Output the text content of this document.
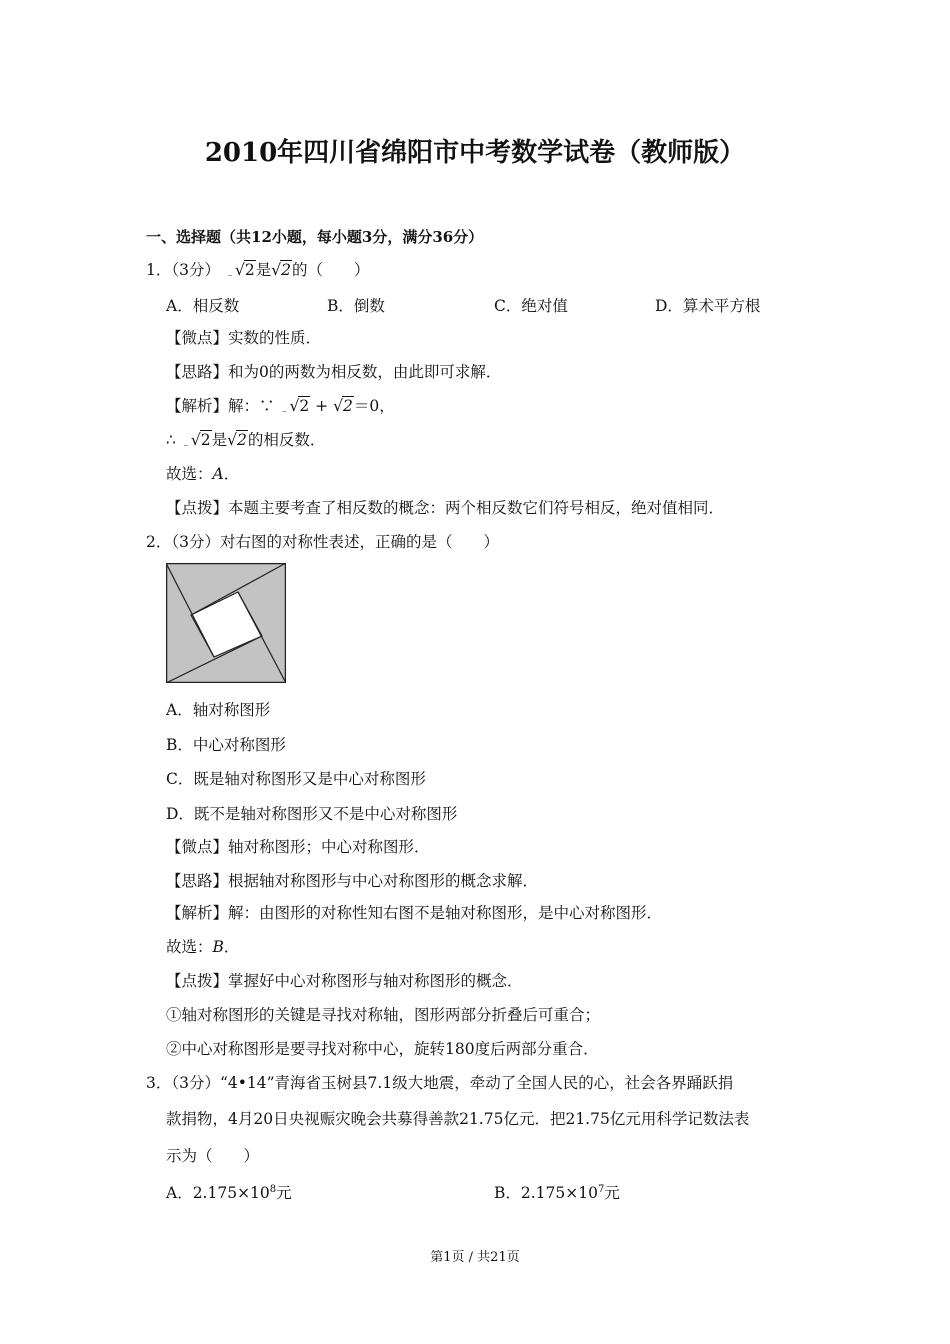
2010年四川省绵阳市中考数学试卷（教师版）
一、选择题（共12小题，每小题3分，满分36分）
1．（3分） ﹣√2是√2的（　　）
A．相反数	B．倒数	C．绝对值	D．算术平方根
【微点】实数的性质．
【思路】和为0的两数为相反数，由此即可求解．
【解析】解：∵ ﹣√2 + √2＝0，
∴ ﹣√2是√2的相反数．
故选：A．
【点拨】本题主要考查了相反数的概念：两个相反数它们符号相反，绝对值相同．
2．（3分）对右图的对称性表述，正确的是（　　）
A．轴对称图形
B．中心对称图形
C．既是轴对称图形又是中心对称图形
D．既不是轴对称图形又不是中心对称图形
【微点】轴对称图形；中心对称图形．
【思路】根据轴对称图形与中心对称图形的概念求解．
【解析】解：由图形的对称性知右图不是轴对称图形，是中心对称图形．
故选：B．
【点拨】掌握好中心对称图形与轴对称图形的概念．
①轴对称图形的关键是寻找对称轴，图形两部分折叠后可重合；
②中心对称图形是要寻找对称中心，旋转180度后两部分重合．
3．（3分）“4•14”青海省玉树县7.1级大地震，牵动了全国人民的心，社会各界踊跃捐
款捐物，4月20日央视赈灾晚会共募得善款21.75亿元．把21.75亿元用科学记数法表
示为（　　）
A．$2.175\times 10^8$元	B．$2.175\times 10^7$元
第1页 / 共21页
